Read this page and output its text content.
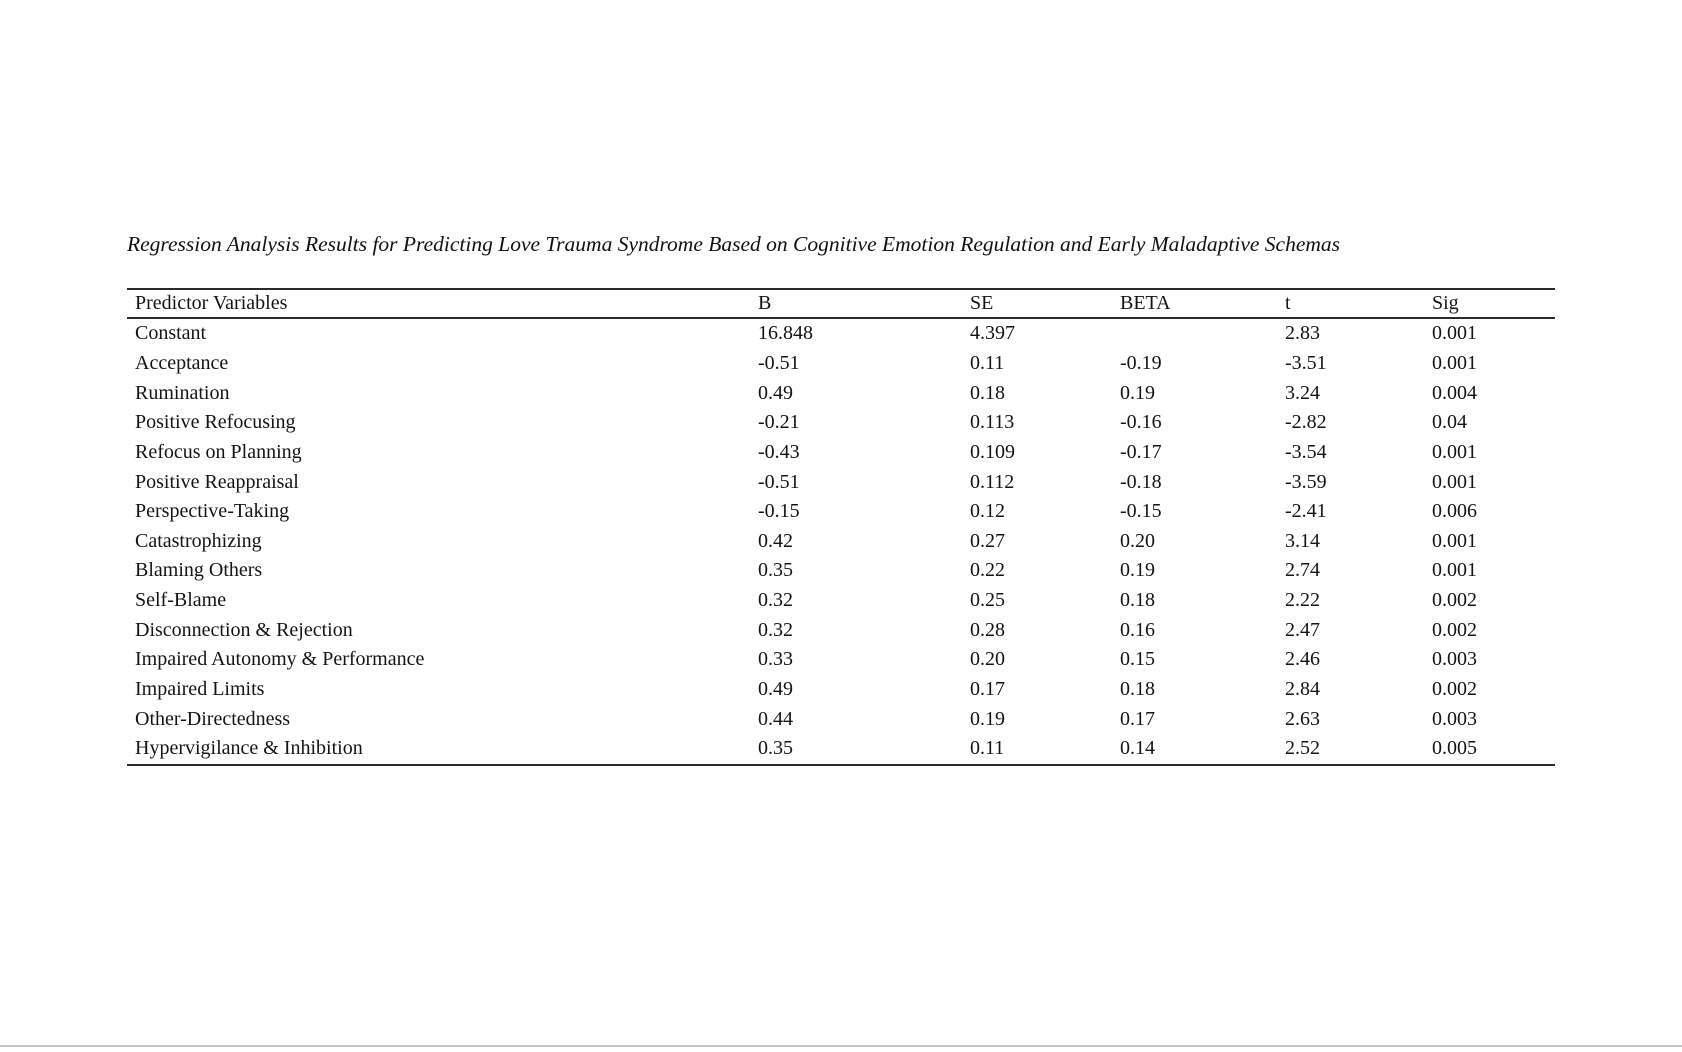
Regression Analysis Results for Predicting Love Trauma Syndrome Based on Cognitive Emotion Regulation and Early Maladaptive Schemas
Predictor Variables	B	SE	BETA	t	Sig
Constant	16.848	4.397		2.83	0.001
Acceptance	-0.51	0.11	-0.19	-3.51	0.001
Rumination	0.49	0.18	0.19	3.24	0.004
Positive Refocusing	-0.21	0.113	-0.16	-2.82	0.04
Refocus on Planning	-0.43	0.109	-0.17	-3.54	0.001
Positive Reappraisal	-0.51	0.112	-0.18	-3.59	0.001
Perspective-Taking	-0.15	0.12	-0.15	-2.41	0.006
Catastrophizing	0.42	0.27	0.20	3.14	0.001
Blaming Others	0.35	0.22	0.19	2.74	0.001
Self-Blame	0.32	0.25	0.18	2.22	0.002
Disconnection & Rejection	0.32	0.28	0.16	2.47	0.002
Impaired Autonomy & Performance	0.33	0.20	0.15	2.46	0.003
Impaired Limits	0.49	0.17	0.18	2.84	0.002
Other-Directedness	0.44	0.19	0.17	2.63	0.003
Hypervigilance & Inhibition	0.35	0.11	0.14	2.52	0.005
